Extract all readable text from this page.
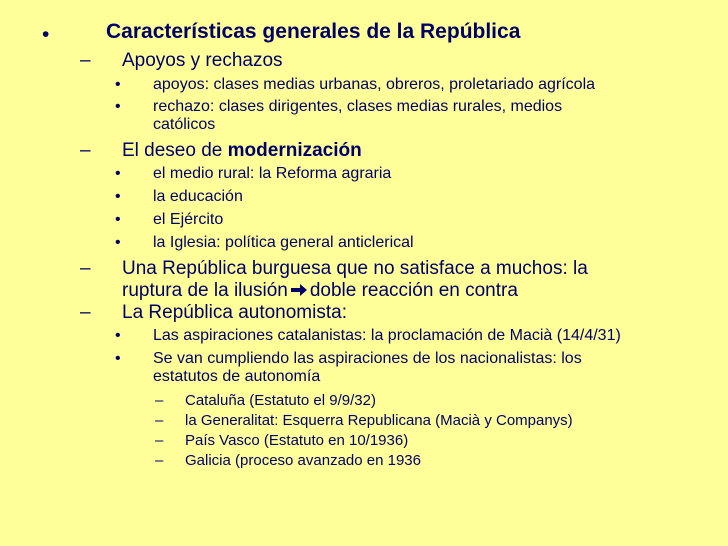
•	Características generales de la República
– Apoyos y rechazos
• apoyos: clases medias urbanas, obreros, proletariado agrícola
• rechazo: clases dirigentes, clases medias rurales, medios
católicos
– El deseo de modernización
• el medio rural: la Reforma agraria
• la educación
• el Ejército
• la Iglesia: política general anticlerical
– Una República burguesa que no satisface a muchos: la
ruptura de la ilusión doble reacción en contra
– La República autonomista:
• Las aspiraciones catalanistas: la proclamación de Macià (14/4/31)
• Se van cumpliendo las aspiraciones de los nacionalistas: los
estatutos de autonomía
– Cataluña (Estatuto el 9/9/32)
– la Generalitat: Esquerra Republicana (Macià y Companys)
– País Vasco (Estatuto en 10/1936)
– Galicia (proceso avanzado en 1936
